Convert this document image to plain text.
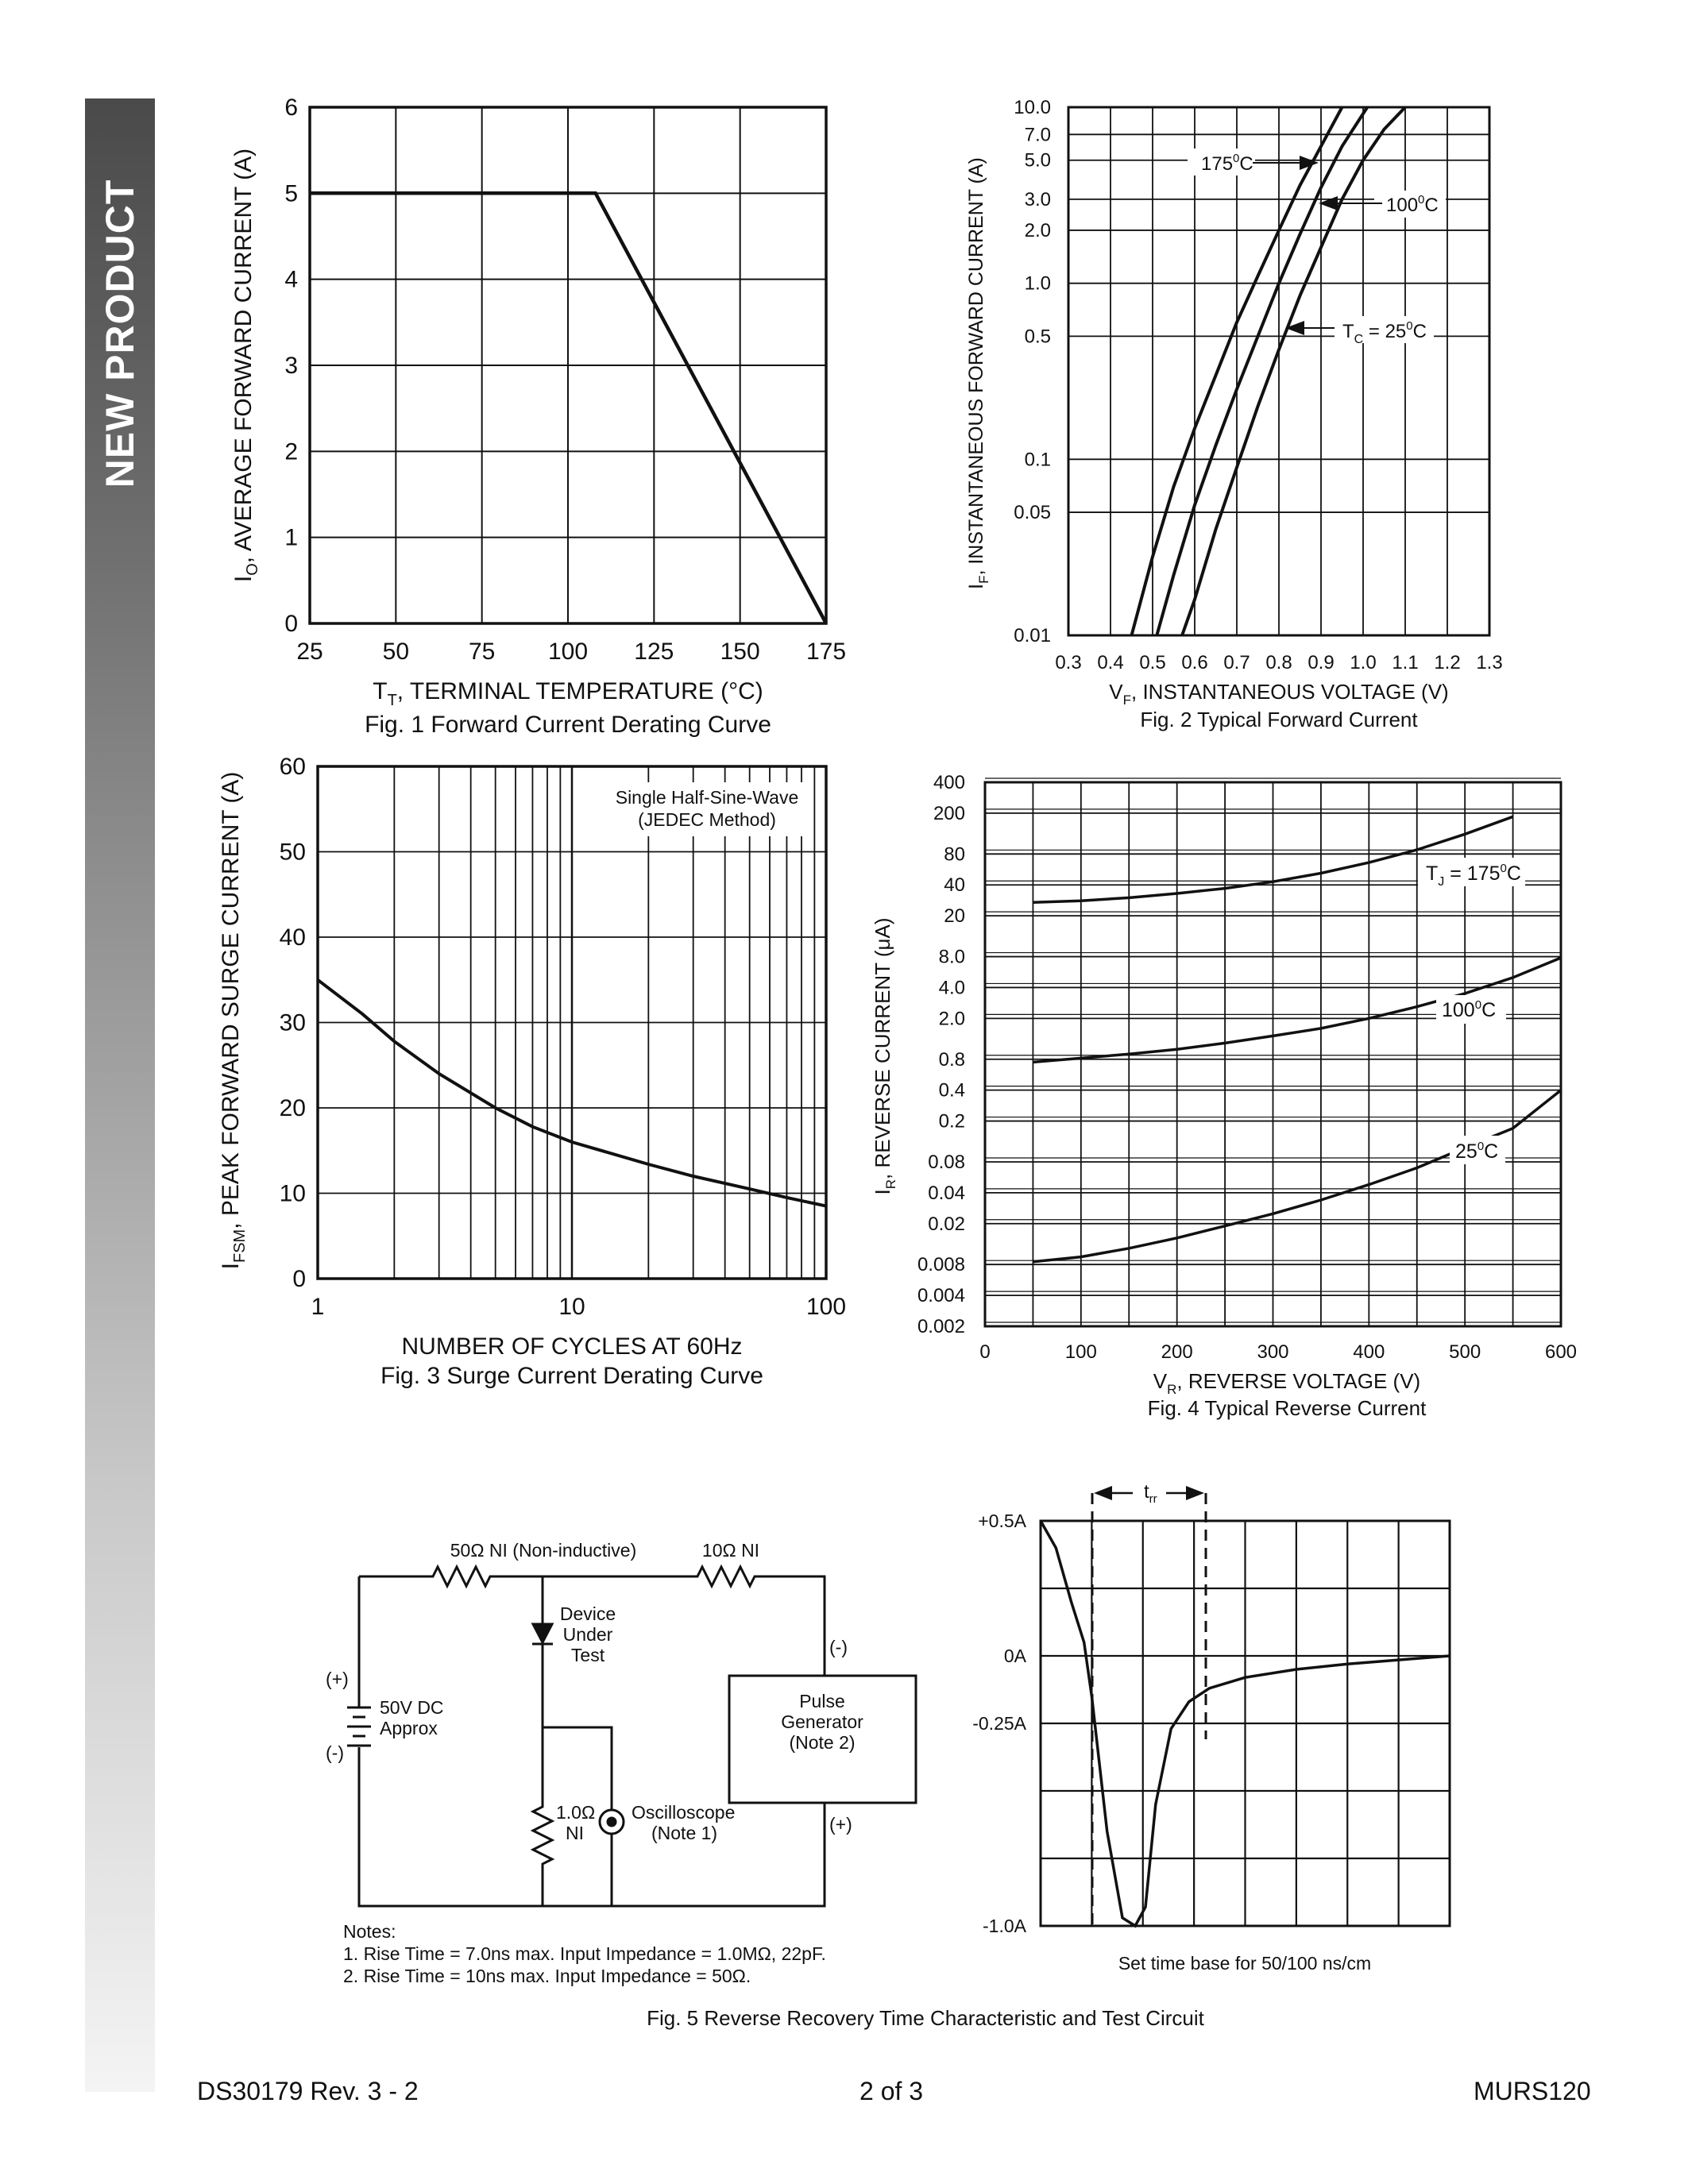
NEW PRODUCT
0
1
2
3
4
5
6
25 50 75 100 125 150 175
$T_T$, TERMINAL TEMPERATURE (°C)
Fig. 1 Forward Current Derating Curve
$I_O$, AVERAGE FORWARD CURRENT (A)
0.01
0.05
0.1
0.5
1.0
2.0
3.0
5.0
7.0
10.0
0.3 0.4 0.5 0.6 0.7 0.8 0.9 1.0 1.1 1.2 1.3
$175^0C$
$100^0C$
$T_C = 25^0C$
$V_F$, INSTANTANEOUS VOLTAGE (V)
Fig. 2 Typical Forward Current
$I_F$, INSTANTANEOUS FORWARD CURRENT (A)
0
10
20
30
40
50
60
1	10	100
Single Half-Sine-Wave
(JEDEC Method)
NUMBER OF CYCLES AT 60Hz
Fig. 3 Surge Current Derating Curve
$I_{FSM}$, PEAK FORWARD SURGE CURRENT (A)
0.002
0.004
0.008
0.02
0.04
0.08
0.2
0.4
0.8
2.0
4.0
8.0
20
40
80
200
400
0	100	200	300	400	500	600
$T_J = 175^0C$
$100^0C$
$25^0C$
$V_R$, REVERSE VOLTAGE (V)
Fig. 4 Typical Reverse Current
$I_R$, REVERSE CURRENT (μA)
50Ω NI (Non-inductive)	10Ω NI
Device
Under
Test
(+)
(-)
50V DC
Approx
Pulse
Generator
(Note 2)
(-)
(+)
1.0Ω
NI
Oscilloscope
(Note 1)
Notes:
1. Rise Time = 7.0ns max. Input Impedance = 1.0MΩ, 22pF.
2. Rise Time = 10ns max. Input Impedance = 50Ω.
+0.5A
0A
-0.25A
-1.0A
$t_{rr}$
Set time base for 50/100 ns/cm
Fig. 5 Reverse Recovery Time Characteristic and Test Circuit
DS30179 Rev. 3 - 2	2 of 3	MURS120
